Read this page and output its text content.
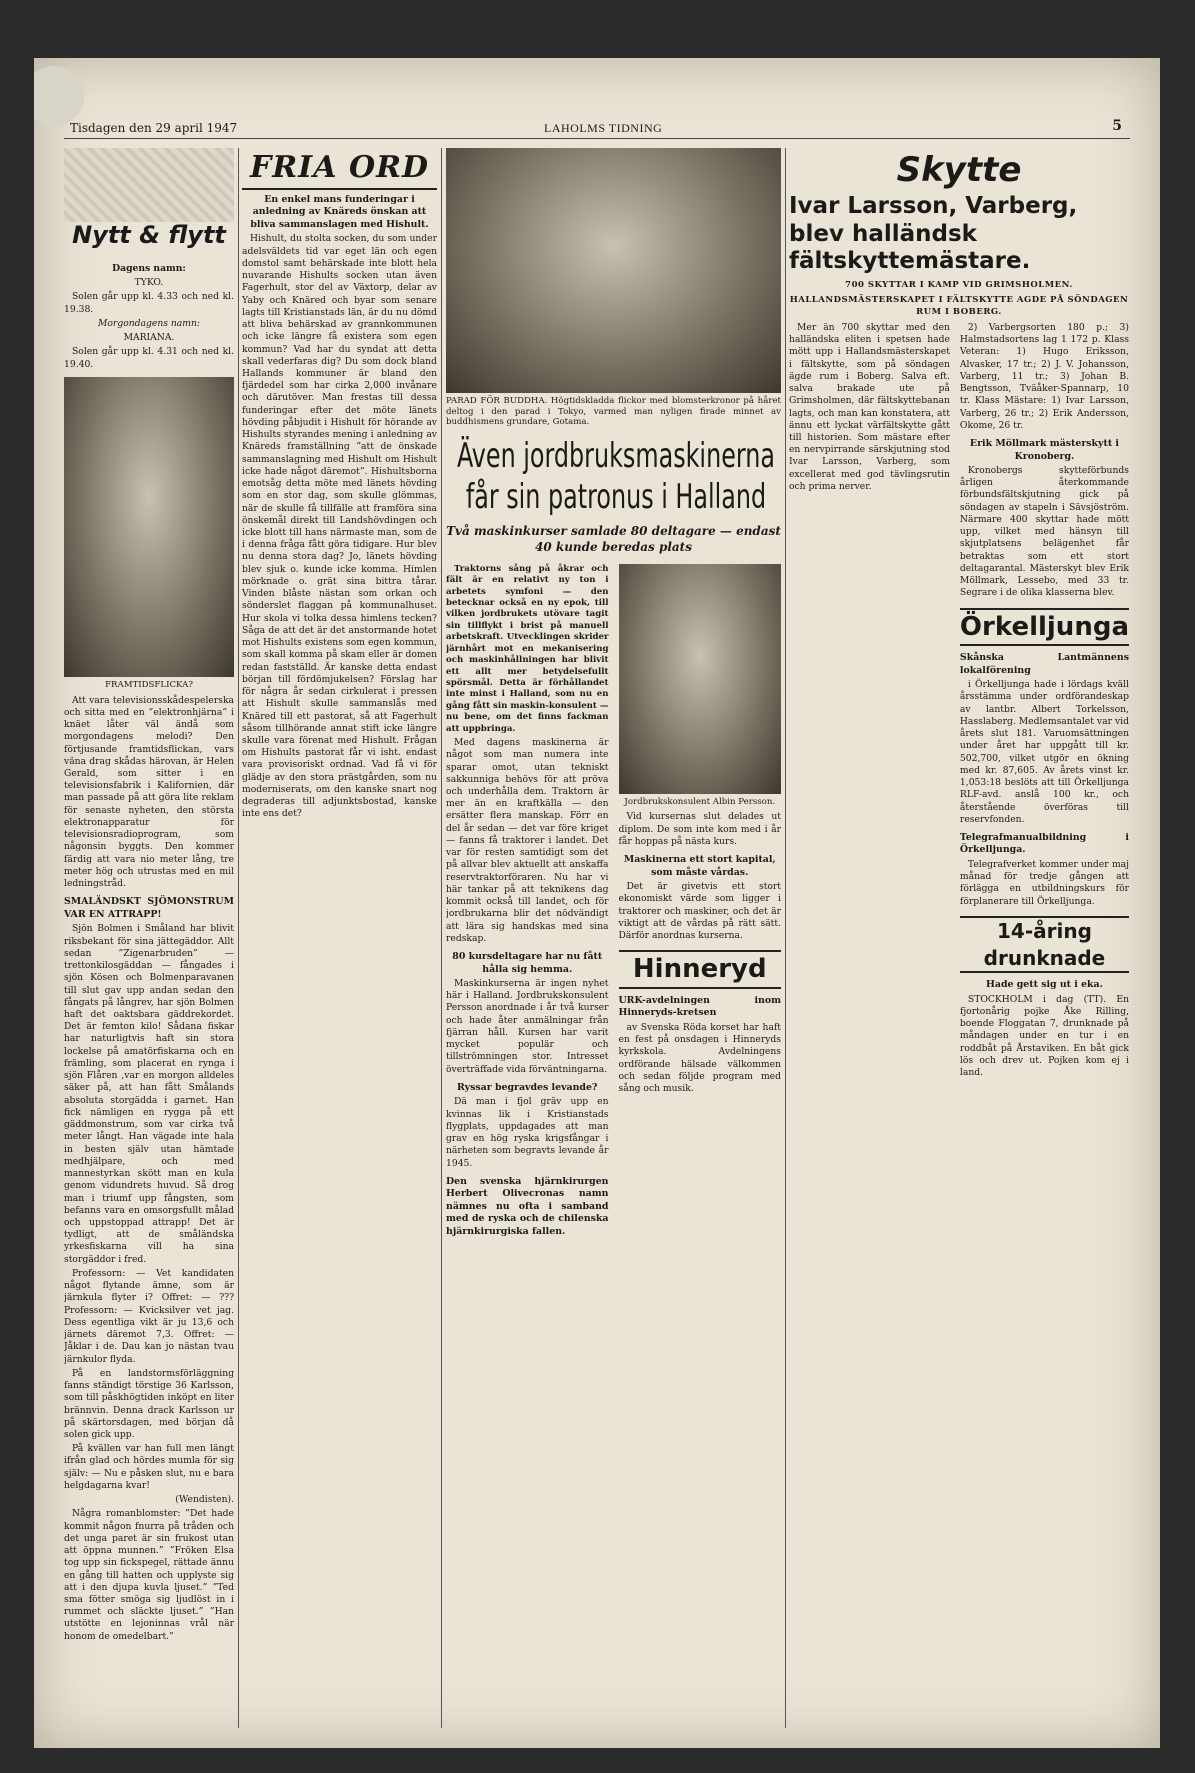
Tisdagen den 29 april 1947	LAHOLMS TIDNING	5
Nytt & flytt

Dagens namn:

TYKO.

Solen går upp kl. 4.33 och ned kl. 19.38.

Morgondagens namn:

MARIANA.

Solen går upp kl. 4.31 och ned kl. 19.40.

FRAMTIDSFLICKA?

Att vara televisionsskådespelerska och sitta med en ”elektronhjärna” i knäet låter väl ändå som morgondagens melodi? Den förtjusande framtidsflickan, vars väna drag skådas härovan, är Helen Gerald, som sitter i en televisionsfabrik i Kalifornien, där man passade på att göra lite reklam för senaste nyheten, den största elektronapparatur för televisionsradioprogram, som någonsin byggts. Den kommer färdig att vara nio meter lång, tre meter hög och utrustas med en mil ledningstråd.

SMALÄNDSKT SJÖMONSTRUM VAR EN ATTRAPP!

Sjön Bolmen i Småland har blivit riksbekant för sina jättegäddor. Allt sedan ”Zigenarbruden” — trettonkilosgäddan — fångades i sjön Kösen och Bolmenparavanen till slut gav upp andan sedan den fångats på långrev, har sjön Bolmen haft det oaktsbara gäddrekordet. Det är femton kilo! Sådana fiskar har naturligtvis haft sin stora lockelse på amatörfiskarna och en främling, som placerat en rynga i sjön Flåren ,var en morgon alldeles säker på, att han fått Smålands absoluta storgädda i garnet. Han fick nämligen en rygga på ett gäddmonstrum, som var cirka två meter långt. Han vägade inte hala in besten själv utan hämtade medhjälpare, och med mannestyrkan skött man en kula genom vidundrets huvud. Så drog man i triumf upp fångsten, som befanns vara en omsorgsfullt målad och uppstoppad attrapp! Det är tydligt, att de småländska yrkesfiskarna vill ha sina storgäddor i fred.

Professorn: — Vet kandidaten något flytande ämne, som är järnkula flyter i? Offret: — ??? Professorn: — Kvicksilver vet jag. Dess egentliga vikt är ju 13,6 och järnets däremot 7,3. Offret: — Jåklar i de. Dau kan jo nästan tvau järnkulor flyda.

På en landstormsförläggning fanns ständigt törstige 36 Karlsson, som till påskhögtiden inköpt en liter brännvin. Denna drack Karlsson ur på skärtorsdagen, med början då solen gick upp.

På kvällen var han full men längt ifrån glad och hördes mumla för sig själv: — Nu e påsken slut, nu e bara helgdagarna kvar!

(Wendisten).

Några romanblomster: ”Det hade kommit någon fnurra på tråden och det unga paret är sin frukost utan att öppna munnen.” ”Fröken Elsa tog upp sin fickspegel, rättade ännu en gång till hatten och upplyste sig att i den djupa kuvla ljuset.” ”Ted sma fötter smöga sig ljudlöst in i rummet och släckte ljuset.” ”Han utstötte en lejoninnas vrål när honom de omedelbart.”

FRIA ORD

En enkel mans funderingar i anledning av Knäreds önskan att bliva sammanslagen med Hishult.

Hishult, du stolta socken, du som under adelsväldets tid var eget län och egen domstol samt behärskade inte blott hela nuvarande Hishults socken utan även Fagerhult, stor del av Växtorp, delar av Yaby och Knäred och byar som senare lagts till Kristianstads län, är du nu dömd att bliva behärskad av grannkommunen och icke längre få existera som egen kommun? Vad har du syndat att detta skall vederfaras dig? Du som dock bland Hallands kommuner är bland den fjärdedel som har cirka 2,000 invånare och därutöver. Man frestas till dessa funderingar efter det möte länets hövding påbjudit i Hishult för hörande av Hishults styrandes mening i anledning av Knäreds framställning ”att de önskade sammanslagning med Hishult om Hishult icke hade något däremot”. Hishultsborna emotsåg detta möte med länets hövding som en stor dag, som skulle glömmas, när de skulle få tillfälle att framföra sina önskemål direkt till Landshövdingen och icke blott till hans närmaste man, som de i denna fråga fått göra tidigare. Hur blev nu denna stora dag? Jo, länets hövding blev sjuk o. kunde icke komma. Himlen mörknade o. grät sina bittra tårar. Vinden blåste nästan som orkan och sönderslet flaggan på kommunalhuset. Hur skola vi tolka dessa himlens tecken? Såga de att det är det anstormande hotet mot Hishults existens som egen kommun, som skall komma på skam eller är domen redan fastställd. Är kanske detta endast början till fördömjukelsen? Förslag har för några år sedan cirkulerat i pressen att Hishult skulle sammanslås med Knäred till ett pastorat, så att Fagerhult såsom tillhörande annat stift icke längre skulle vara förenat med Hishult. Frågan om Hishults pastorat får vi isht. endast vara provisoriskt ordnad. Vad få vi för glädje av den stora prästgården, som nu moderniserats, om den kanske snart nog degraderas till adjunktsbostad, kanske inte ens det?

PARAD FÖR BUDDHA. Högtidskladda flickor med blomsterkronor på håret deltog i den parad i Tokyo, varmed man nyligen firade minnet av buddhismens grundare, Gotama.

Även jordbruksmaskinerna får sin patronus i Halland

Två maskinkurser samlade 80 deltagare — endast 40 kunde beredas plats

Traktorns sång på åkrar och fält är en relativt ny ton i arbetets symfoni — den betecknar också en ny epok, till vilken jordbrukets utövare tagit sin tillflykt i brist på manuell arbetskraft. Utvecklingen skrider järnhårt mot en mekanisering och maskinhållningen har blivit ett allt mer betydelsefullt spörsmål. Detta är förhållandet inte minst i Halland, som nu en gång fått sin maskin-konsulent — nu bene, om det finns fackman att uppbringa.

Med dagens maskinerna är något som man numera inte sparar omot, utan tekniskt sakkunniga behövs för att pröva och underhålla dem. Traktorn är mer än en kraftkälla — den ersätter flera manskap. Förr en del år sedan — det var före kriget — fanns få traktorer i landet. Det var för resten samtidigt som det på allvar blev aktuellt att anskaffa reservtraktorföraren. Nu har vi här tankar på att teknikens dag kommit också till landet, och för jordbrukarna blir det nödvändigt att lära sig handskas med sina redskap.

80 kursdeltagare har nu fått hålla sig hemma.

Maskinkurserna är ingen nyhet här i Halland. Jordbrukskonsulent Persson anordnade i år två kurser och hade åter anmälningar från fjärran håll. Kursen har varit mycket populär och tillströmningen stor. Intresset överträffade vida förväntningarna.

Ryssar begravdes levande?

Dä man i fjol gräv upp en kvinnas lik i Kristianstads flygplats, uppdagades att man grav en hög ryska krigsfångar i närheten som begravts levande år 1945.

Den svenska hjärnkirurgen Herbert Olivecronas namn nämnes nu ofta i samband med de ryska och de chilenska hjärnkirurgiska fallen.

Jordbrukskonsulent Albin Persson.

Vid kursernas slut delades ut diplom. De som inte kom med i år får hoppas på nästa kurs.

Maskinerna ett stort kapital, som måste vårdas.

Det är givetvis ett stort ekonomiskt värde som ligger i traktorer och maskiner, och det är viktigt att de vårdas på rätt sätt. Därför anordnas kurserna.

Hinneryd

URK-avdelningen inom Hinneryds-kretsen

av Svenska Röda korset har haft en fest på onsdagen i Hinneryds kyrkskola. Avdelningens ordförande hälsade välkommen och sedan följde program med sång och musik.

Skytte

Ivar Larsson, Varberg, blev halländsk fältskyttemästare.

700 SKYTTAR I KAMP VID GRIMSHOLMEN.

HALLANDSMÄSTERSKAPET I FÄLTSKYTTE AGDE PÅ SÖNDAGEN RUM I BOBERG.

Mer än 700 skyttar med den halländska eliten i spetsen hade mött upp i Hallandsmästerskapet i fältskytte, som på söndagen ägde rum i Boberg. Salva eft. salva brakade ute på Grimsholmen, där fältskyttebanan lagts, och man kan konstatera, att ännu ett lyckat värfältskytte gått till historien. Som mästare efter en nervpirrande särskjutning stod Ivar Larsson, Varberg, som excellerat med god tävlingsrutin och prima nerver.

2) Varbergsorten 180 p.; 3) Halmstadsortens lag 1 172 p. Klass Veteran: 1) Hugo Eriksson, Alvasker, 17 tr.; 2) J. V. Johansson, Varberg, 11 tr.; 3) Johan B. Bengtsson, Tväåker-Spannarp, 10 tr. Klass Mästare: 1) Ivar Larsson, Varberg, 26 tr.; 2) Erik Andersson, Okome, 26 tr.

Erik Möllmark mästerskytt i Kronoberg.

Kronobergs skytteförbunds årligen återkommande förbundsfältskjutning gick på söndagen av stapeln i Sävsjöström. Närmare 400 skyttar hade mött upp, vilket med hänsyn till skjutplatsens belägenhet får betraktas som ett stort deltagarantal. Mästerskyt blev Erik Möllmark, Lessebo, med 33 tr. Segrare i de olika klasserna blev.

Örkelljunga

Skånska Lantmännens lokalförening

i Örkelljunga hade i lördags kväll årsstämma under ordförandeskap av lantbr. Albert Torkelsson, Hasslaberg. Medlemsantalet var vid årets slut 181. Varuomsättningen under året har uppgått till kr. 502,700, vilket utgör en ökning med kr. 87,605. Av årets vinst kr. 1,053:18 beslöts att till Örkelljunga RLF-avd. anslå 100 kr., och återstående överföras till reservfonden.

Telegrafmanualbildning i Örkelljunga.

Telegrafverket kommer under maj månad för tredje gången att förlägga en utbildningskurs för förplanerare till Örkelljunga.

14-åring drunknade

Hade gett sig ut i eka.

STOCKHOLM i dag (TT). En fjortonårig pojke Åke Rilling, boende Floggatan 7, drunknade på måndagen under en tur i en roddbåt på Årstaviken. En båt gick lös och drev ut. Pojken kom ej i land.
